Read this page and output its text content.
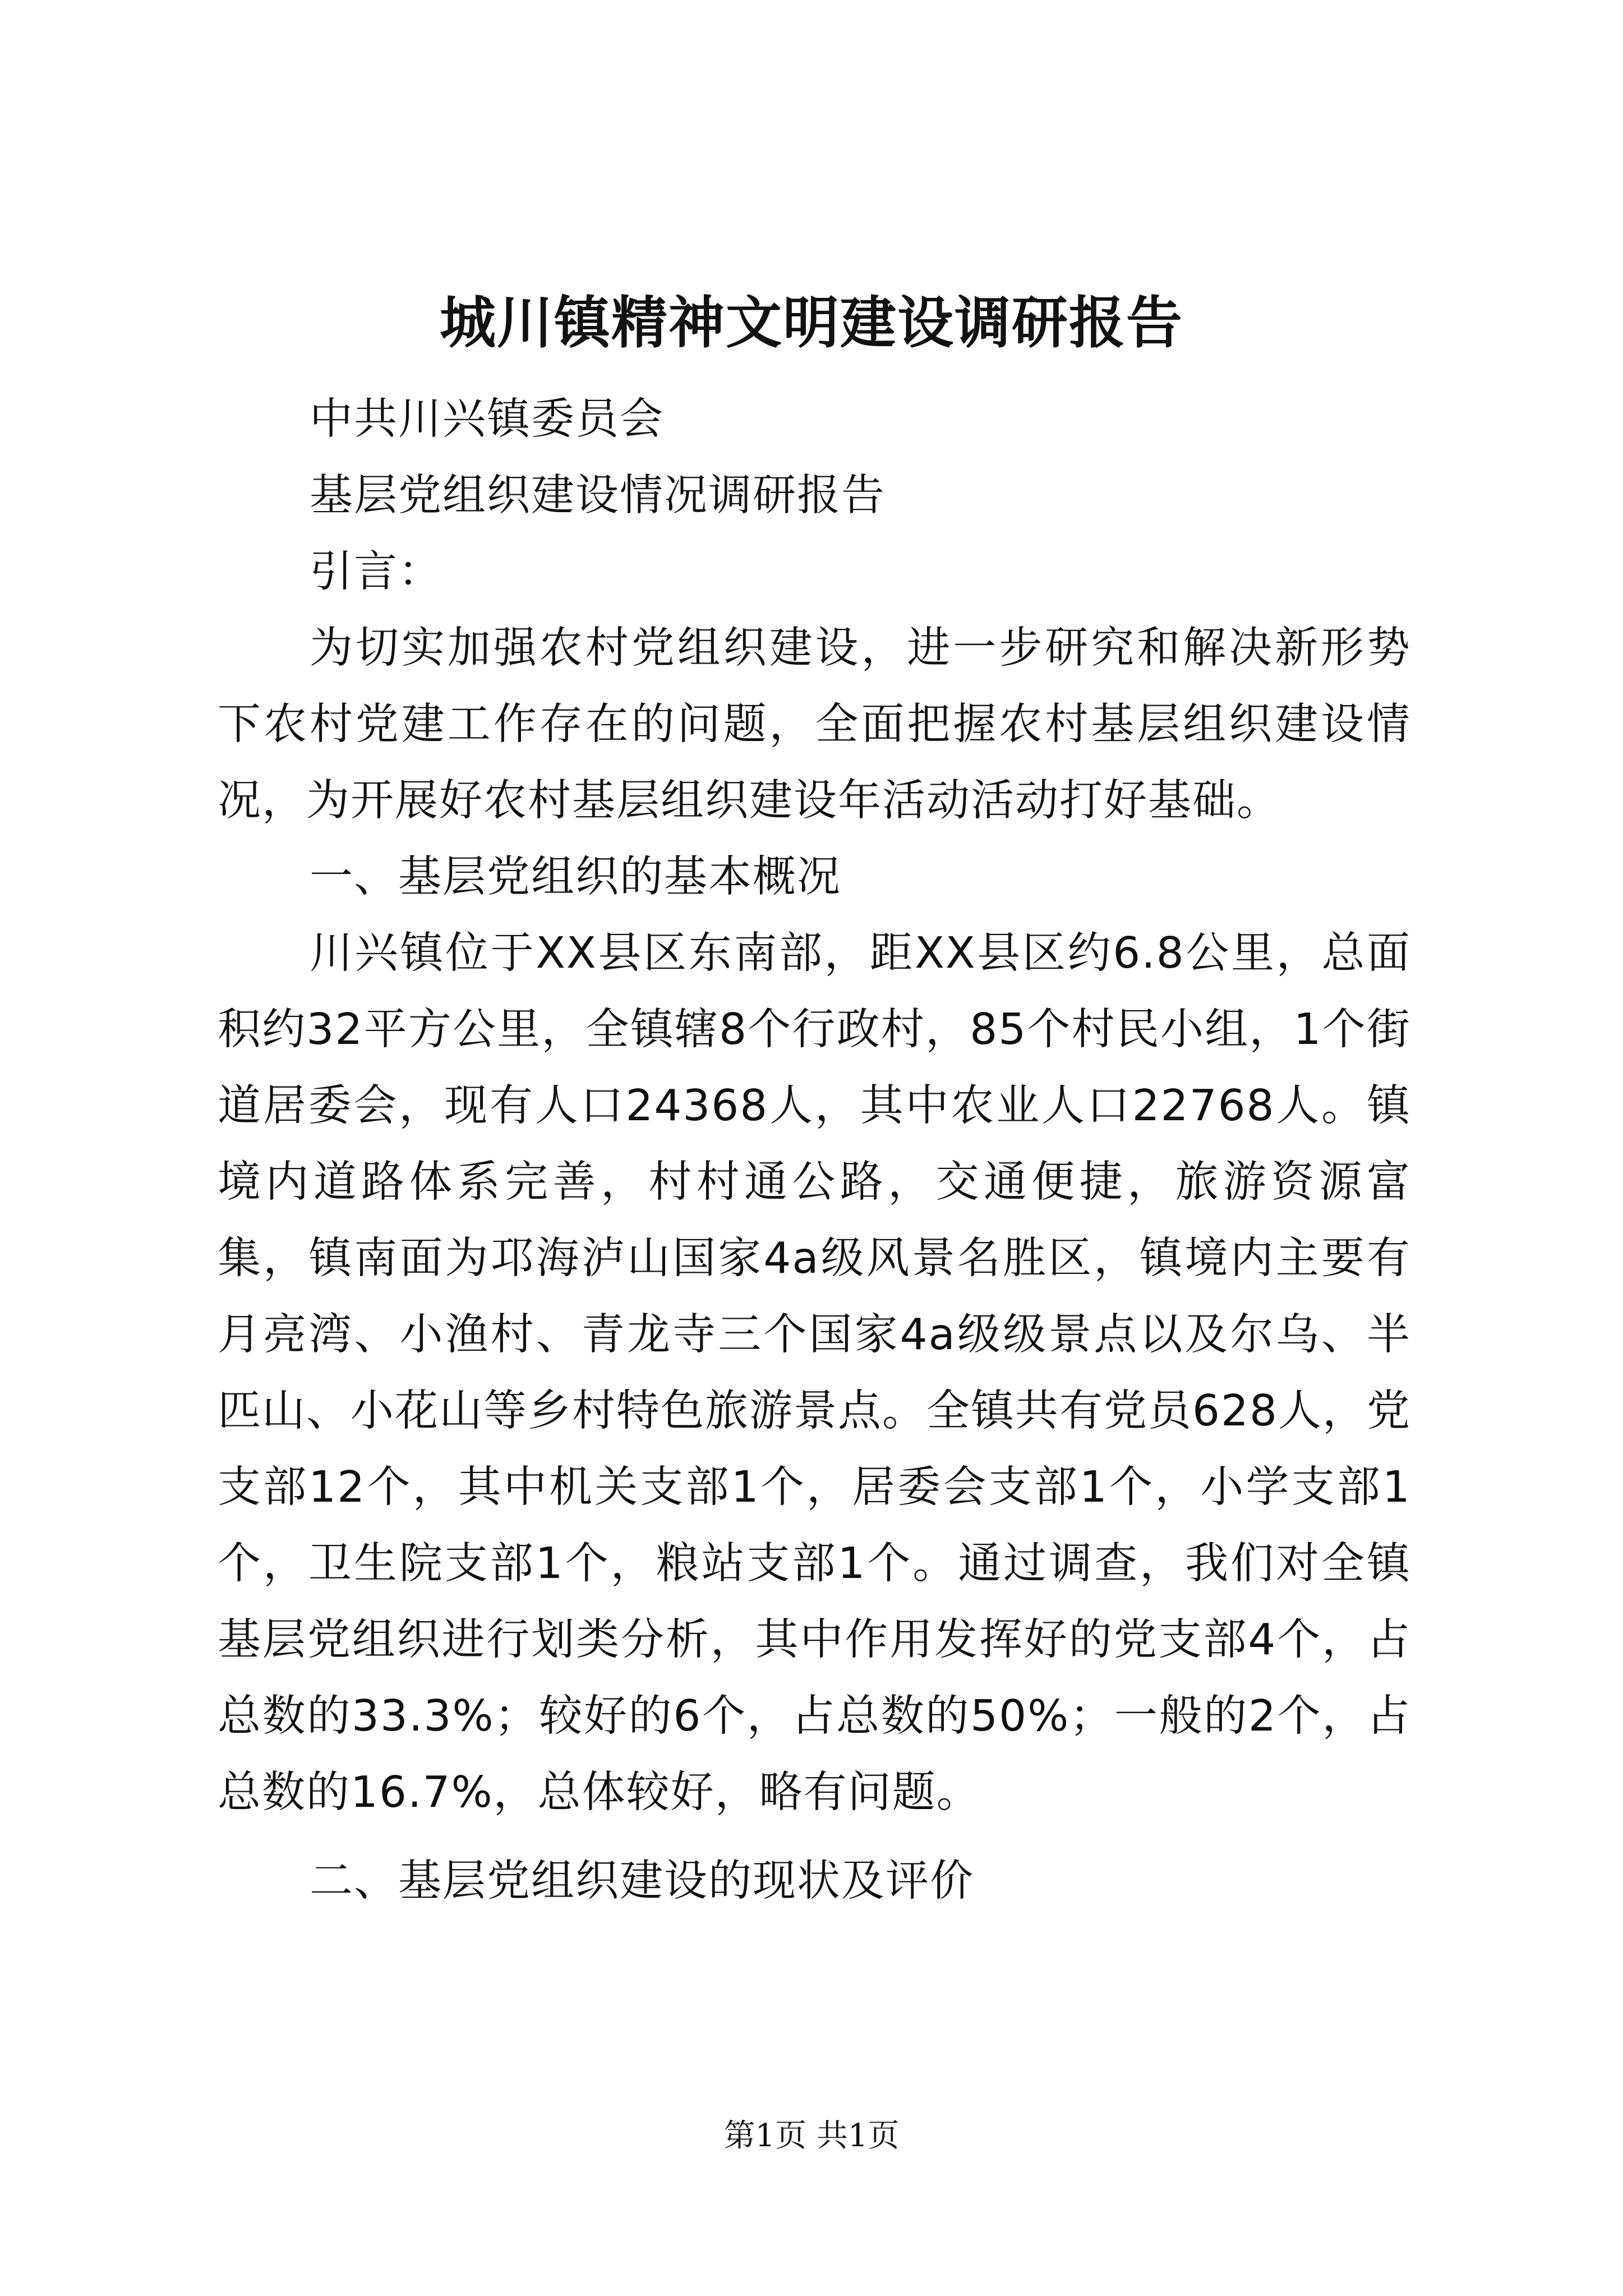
城川镇精神文明建设调研报告

中共川兴镇委员会

基层党组织建设情况调研报告

引言：

为切实加强农村党组织建设，进一步研究和解决新形势下农村党建工作存在的问题，全面把握农村基层组织建设情况，为开展好农村基层组织建设年活动活动打好基础。

一、基层党组织的基本概况

川兴镇位于XX县区东南部，距XX县区约6.8公里，总面积约32平方公里，全镇辖8个行政村，85个村民小组，1个街道居委会，现有人口24368人，其中农业人口22768人。镇境内道路体系完善，村村通公路，交通便捷，旅游资源富集，镇南面为邛海泸山国家4a级风景名胜区，镇境内主要有月亮湾、小渔村、青龙寺三个国家4a级级景点以及尔乌、半匹山、小花山等乡村特色旅游景点。全镇共有党员628人，党支部12个，其中机关支部1个，居委会支部1个，小学支部1个，卫生院支部1个，粮站支部1个。通过调查，我们对全镇基层党组织进行划类分析，其中作用发挥好的党支部4个，占总数的33.3%；较好的6个，占总数的50%；一般的2个，占总数的16.7%，总体较好，略有问题。

二、基层党组织建设的现状及评价

第1页 共1页
